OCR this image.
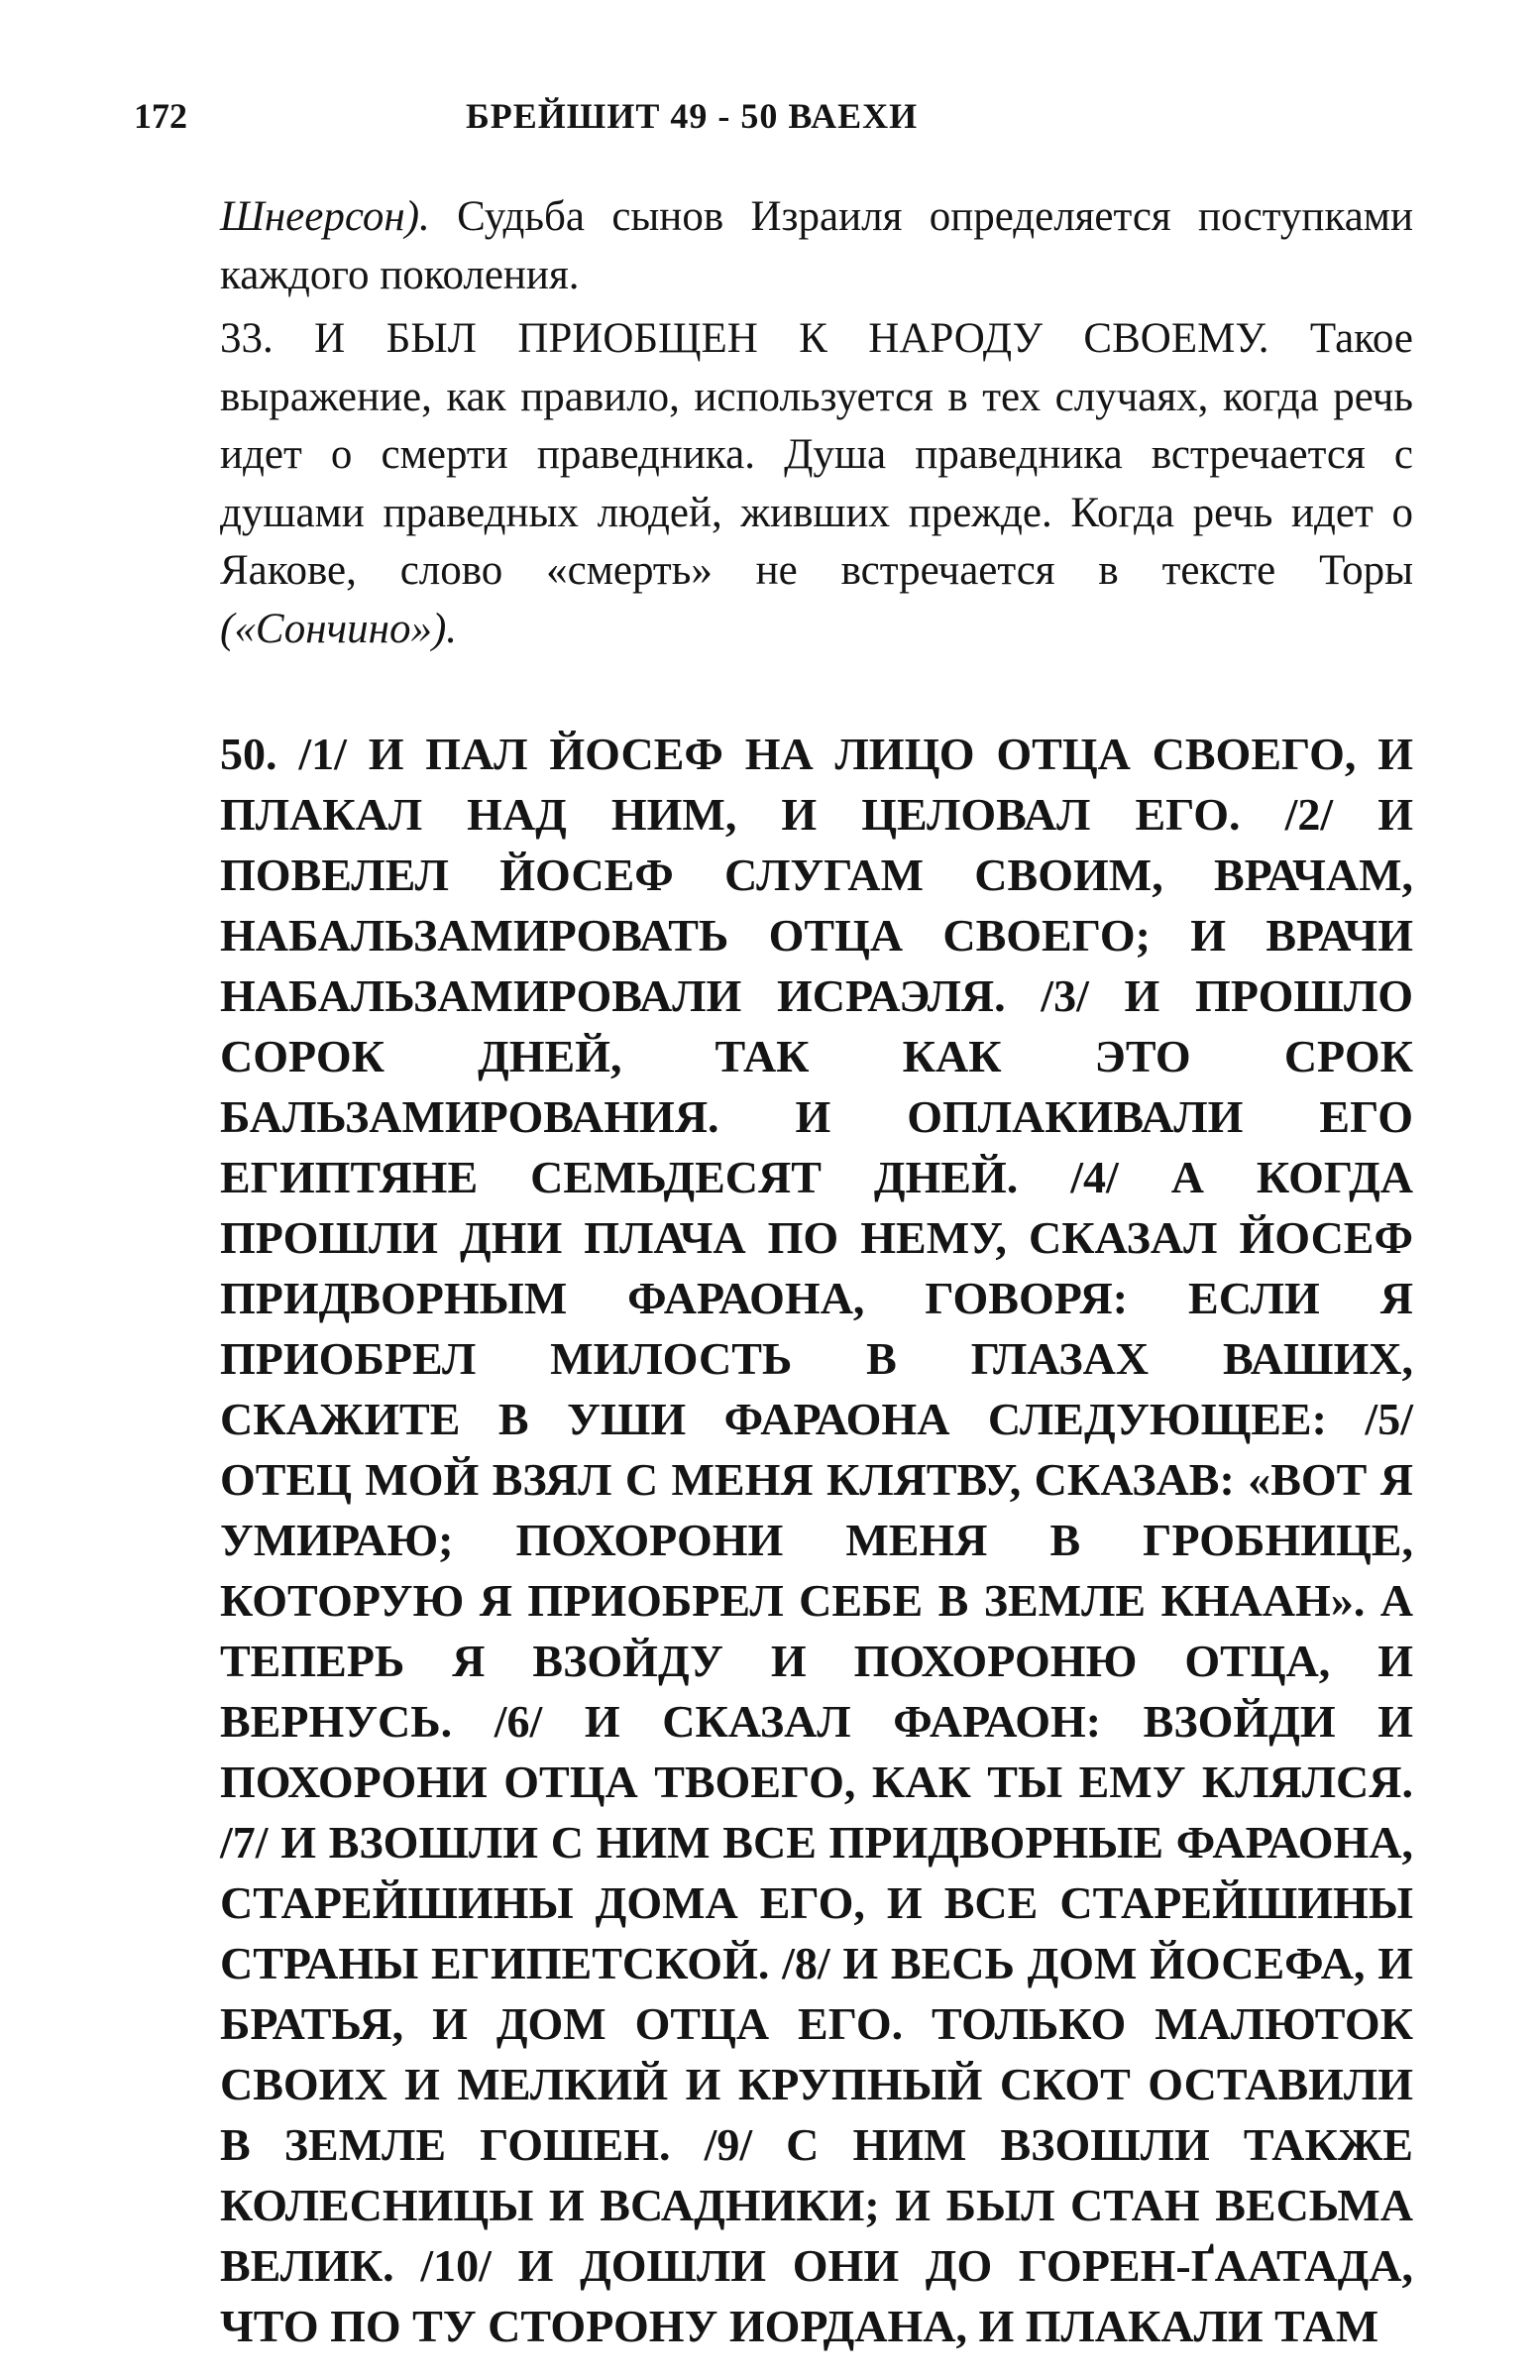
172	БРЕЙШИТ 49 - 50 ВАЕХИ

Шнеерсон). Судьба сынов Израиля определяется поступками каждого поколения.

33. И БЫЛ ПРИОБЩЕН К НАРОДУ СВОЕМУ. Такое выражение, как правило, используется в тех случаях, когда речь идет о смерти праведника. Душа праведника встречается с душами праведных людей, живших прежде. Когда речь идет о Яакове, слово «смерть» не встречается в тексте Торы («Сончино»).

50. /1/ И ПАЛ ЙОСЕФ НА ЛИЦО ОТЦА СВОЕГО, И ПЛАКАЛ НАД НИМ, И ЦЕЛОВАЛ ЕГО. /2/ И ПОВЕЛЕЛ ЙОСЕФ СЛУГАМ СВОИМ, ВРАЧАМ, НАБАЛЬЗАМИРОВАТЬ ОТЦА СВОЕГО; И ВРАЧИ НАБАЛЬЗАМИРОВАЛИ ИСРАЭЛЯ. /3/ И ПРОШЛО СОРОК ДНЕЙ, ТАК КАК ЭТО СРОК БАЛЬЗАМИРОВАНИЯ. И ОПЛАКИВАЛИ ЕГО ЕГИПТЯНЕ СЕМЬДЕСЯТ ДНЕЙ. /4/ А КОГДА ПРОШЛИ ДНИ ПЛАЧА ПО НЕМУ, СКАЗАЛ ЙОСЕФ ПРИДВОРНЫМ ФАРАОНА, ГОВОРЯ: ЕСЛИ Я ПРИОБРЕЛ МИЛОСТЬ В ГЛАЗАХ ВАШИХ, СКАЖИТЕ В УШИ ФАРАОНА СЛЕДУЮЩЕЕ: /5/ ОТЕЦ МОЙ ВЗЯЛ С МЕНЯ КЛЯТВУ, СКАЗАВ: «ВОТ Я УМИРАЮ; ПОХОРОНИ МЕНЯ В ГРОБНИЦЕ, КОТОРУЮ Я ПРИОБРЕЛ СЕБЕ В ЗЕМЛЕ КНААН». А ТЕПЕРЬ Я ВЗОЙДУ И ПОХОРОНЮ ОТЦА, И ВЕРНУСЬ. /6/ И СКАЗАЛ ФАРАОН: ВЗОЙДИ И ПОХОРОНИ ОТЦА ТВОЕГО, КАК ТЫ ЕМУ КЛЯЛСЯ. /7/ И ВЗОШЛИ С НИМ ВСЕ ПРИДВОРНЫЕ ФАРАОНА, СТАРЕЙШИНЫ ДОМА ЕГО, И ВСЕ СТАРЕЙШИНЫ СТРАНЫ ЕГИПЕТСКОЙ. /8/ И ВЕСЬ ДОМ ЙОСЕФА, И БРАТЬЯ, И ДОМ ОТЦА ЕГО. ТОЛЬКО МАЛЮТОК СВОИХ И МЕЛКИЙ И КРУПНЫЙ СКОТ ОСТАВИЛИ В ЗЕМЛЕ ГОШЕН. /9/ С НИМ ВЗОШЛИ ТАКЖЕ КОЛЕСНИЦЫ И ВСАДНИКИ; И БЫЛ СТАН ВЕСЬМА ВЕЛИК. /10/ И ДОШЛИ ОНИ ДО ГОРЕН-ҐААТАДА, ЧТО ПО ТУ СТОРОНУ ИОРДАНА, И ПЛАКАЛИ ТАМ
